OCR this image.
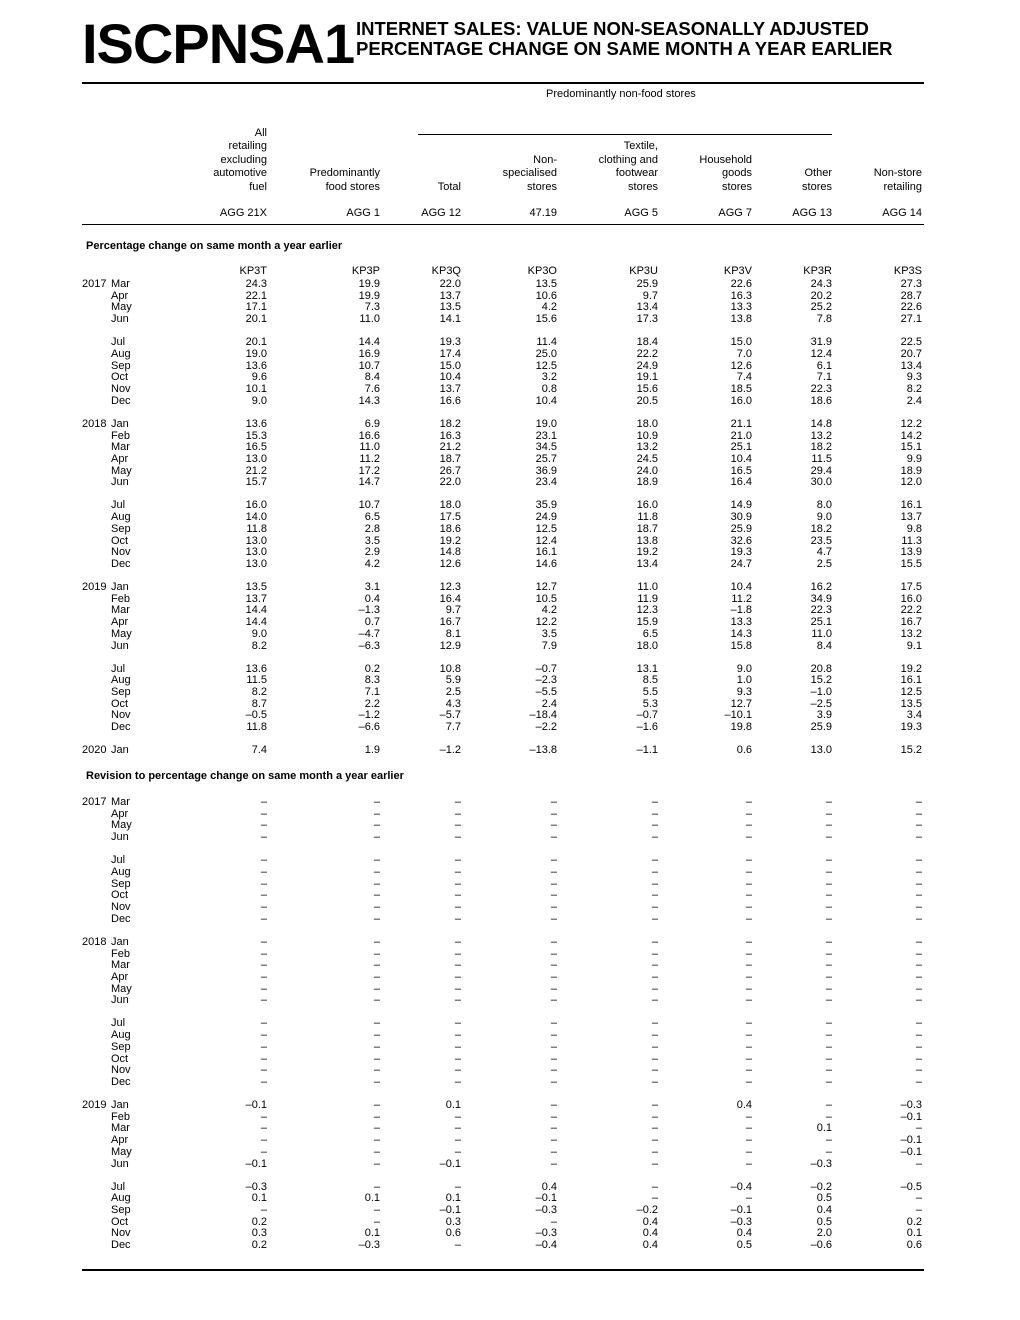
ISCPNSA1 INTERNET SALES: VALUE NON-SEASONALLY ADJUSTED
PERCENTAGE CHANGE ON SAME MONTH A YEAR EARLIER
Predominantly non-food stores
All
retailing
excluding
automotive
fuel
AGG 21X
Predominantly
food stores
AGG 1
Total
AGG 12
Non-
specialised
stores
47.19
Textile,
clothing and
footwear
stores
AGG 5
Household
goods
stores
AGG 7
Other
stores
AGG 13
Non-store
retailing
AGG 14
Percentage change on same month a year earlier
KP3T	KP3P	KP3Q	KP3O	KP3U	KP3V	KP3R	KP3S
2017 Mar	24.3	19.9	22.0	13.5	25.9	22.6	24.3	27.3
Apr	22.1	19.9	13.7	10.6	9.7	16.3	20.2	28.7
May	17.1	7.3	13.5	4.2	13.4	13.3	25.2	22.6
Jun	20.1	11.0	14.1	15.6	17.3	13.8	7.8	27.1
Jul	20.1	14.4	19.3	11.4	18.4	15.0	31.9	22.5
Aug	19.0	16.9	17.4	25.0	22.2	7.0	12.4	20.7
Sep	13.6	10.7	15.0	12.5	24.9	12.6	6.1	13.4
Oct	9.6	8.4	10.4	3.2	19.1	7.4	7.1	9.3
Nov	10.1	7.6	13.7	0.8	15.6	18.5	22.3	8.2
Dec	9.0	14.3	16.6	10.4	20.5	16.0	18.6	2.4
2018 Jan	13.6	6.9	18.2	19.0	18.0	21.1	14.8	12.2
Feb	15.3	16.6	16.3	23.1	10.9	21.0	13.2	14.2
Mar	16.5	11.0	21.2	34.5	13.2	25.1	18.2	15.1
Apr	13.0	11.2	18.7	25.7	24.5	10.4	11.5	9.9
May	21.2	17.2	26.7	36.9	24.0	16.5	29.4	18.9
Jun	15.7	14.7	22.0	23.4	18.9	16.4	30.0	12.0
Jul	16.0	10.7	18.0	35.9	16.0	14.9	8.0	16.1
Aug	14.0	6.5	17.5	24.9	11.8	30.9	9.0	13.7
Sep	11.8	2.8	18.6	12.5	18.7	25.9	18.2	9.8
Oct	13.0	3.5	19.2	12.4	13.8	32.6	23.5	11.3
Nov	13.0	2.9	14.8	16.1	19.2	19.3	4.7	13.9
Dec	13.0	4.2	12.6	14.6	13.4	24.7	2.5	15.5
2019 Jan	13.5	3.1	12.3	12.7	11.0	10.4	16.2	17.5
Feb	13.7	0.4	16.4	10.5	11.9	11.2	34.9	16.0
Mar	14.4	–1.3	9.7	4.2	12.3	–1.8	22.3	22.2
Apr	14.4	0.7	16.7	12.2	15.9	13.3	25.1	16.7
May	9.0	–4.7	8.1	3.5	6.5	14.3	11.0	13.2
Jun	8.2	–6.3	12.9	7.9	18.0	15.8	8.4	9.1
Jul	13.6	0.2	10.8	–0.7	13.1	9.0	20.8	19.2
Aug	11.5	8.3	5.9	–2.3	8.5	1.0	15.2	16.1
Sep	8.2	7.1	2.5	–5.5	5.5	9.3	–1.0	12.5
Oct	8.7	2.2	4.3	2.4	5.3	12.7	–2.5	13.5
Nov	–0.5	–1.2	–5.7	–18.4	–0.7	–10.1	3.9	3.4
Dec	11.8	–6.6	7.7	–2.2	–1.6	19.8	25.9	19.3
2020 Jan	7.4	1.9	–1.2	–13.8	–1.1	0.6	13.0	15.2
Revision to percentage change on same month a year earlier
2017 Mar	–	–	–	–	–	–	–	–
Apr	–	–	–	–	–	–	–	–
May	–	–	–	–	–	–	–	–
Jun	–	–	–	–	–	–	–	–
Jul	–	–	–	–	–	–	–	–
Aug	–	–	–	–	–	–	–	–
Sep	–	–	–	–	–	–	–	–
Oct	–	–	–	–	–	–	–	–
Nov	–	–	–	–	–	–	–	–
Dec	–	–	–	–	–	–	–	–
2018 Jan	–	–	–	–	–	–	–	–
Feb	–	–	–	–	–	–	–	–
Mar	–	–	–	–	–	–	–	–
Apr	–	–	–	–	–	–	–	–
May	–	–	–	–	–	–	–	–
Jun	–	–	–	–	–	–	–	–
Jul	–	–	–	–	–	–	–	–
Aug	–	–	–	–	–	–	–	–
Sep	–	–	–	–	–	–	–	–
Oct	–	–	–	–	–	–	–	–
Nov	–	–	–	–	–	–	–	–
Dec	–	–	–	–	–	–	–	–
2019 Jan	–0.1	–	0.1	–	–	0.4	–	–0.3
Feb	–	–	–	–	–	–	–	–0.1
Mar	–	–	–	–	–	–	0.1	–
Apr	–	–	–	–	–	–	–	–0.1
May	–	–	–	–	–	–	–	–0.1
Jun	–0.1	–	–0.1	–	–	–	–0.3	–
Jul	–0.3	–	–	0.4	–	–0.4	–0.2	–0.5
Aug	0.1	0.1	0.1	–0.1	–	–	0.5	–
Sep	–	–	–0.1	–0.3	–0.2	–0.1	0.4	–
Oct	0.2	–	0.3	–	0.4	–0.3	0.5	0.2
Nov	0.3	0.1	0.6	–0.3	0.4	0.4	2.0	0.1
Dec	0.2	–0.3	–	–0.4	0.4	0.5	–0.6	0.6
